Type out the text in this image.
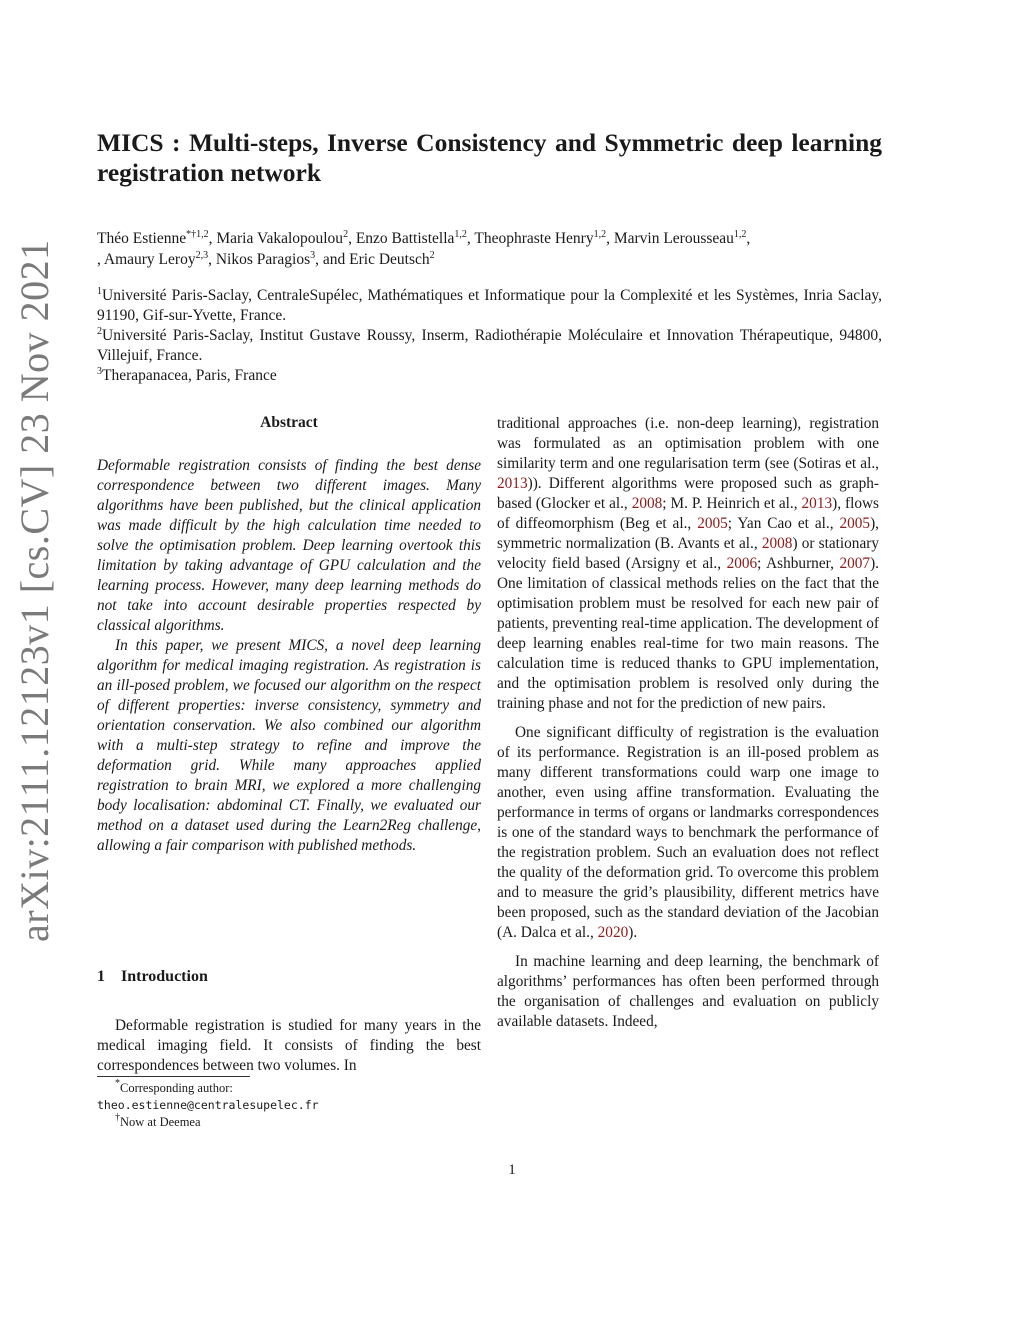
arXiv:2111.12123v1 [cs.CV] 23 Nov 2021
MICS : Multi-steps, Inverse Consistency and Symmetric deep learning registration network
Théo Estienne$^{*\dagger 1,2}$, Maria Vakalopoulou$^2$, Enzo Battistella$^{1,2}$, Theophraste Henry$^{1,2}$, Marvin Lerousseau$^{1,2}$,
, Amaury Leroy$^{2,3}$, Nikos Paragios$^3$, and Eric Deutsch$^2$

$^1$Université Paris-Saclay, CentraleSupélec, Mathématiques et Informatique pour la Complexité et les Systèmes, Inria Saclay, 91190, Gif-sur-Yvette, France.

$^2$Université Paris-Saclay, Institut Gustave Roussy, Inserm, Radiothérapie Moléculaire et Innovation Thérapeutique, 94800, Villejuif, France.

$^3$Therapanacea, Paris, France

Abstract

Deformable registration consists of finding the best dense correspondence between two different images. Many algorithms have been published, but the clinical application was made difficult by the high calculation time needed to solve the optimisation problem. Deep learning overtook this limitation by taking advantage of GPU calculation and the learning process. However, many deep learning methods do not take into account desirable properties respected by classical algorithms.

In this paper, we present MICS, a novel deep learning algorithm for medical imaging registration. As registration is an ill-posed problem, we focused our algorithm on the respect of different properties: inverse consistency, symmetry and orientation conservation. We also combined our algorithm with a multi-step strategy to refine and improve the deformation grid. While many approaches applied registration to brain MRI, we explored a more challenging body localisation: abdominal CT. Finally, we evaluated our method on a dataset used during the Learn2Reg challenge, allowing a fair comparison with published methods.

1 Introduction

Deformable registration is studied for many years in the medical imaging field. It consists of finding the best correspondences between two volumes. In

*Corresponding author:
theo.estienne@centralesupelec.fr
†Now at Deemea

traditional approaches (i.e. non-deep learning), registration was formulated as an optimisation problem with one similarity term and one regularisation term (see (Sotiras et al., 2013)). Different algorithms were proposed such as graph-based (Glocker et al., 2008; M. P. Heinrich et al., 2013), flows of diffeomorphism (Beg et al., 2005; Yan Cao et al., 2005), symmetric normalization (B. Avants et al., 2008) or stationary velocity field based (Arsigny et al., 2006; Ashburner, 2007). One limitation of classical methods relies on the fact that the optimisation problem must be resolved for each new pair of patients, preventing real-time application. The development of deep learning enables real-time for two main reasons. The calculation time is reduced thanks to GPU implementation, and the optimisation problem is resolved only during the training phase and not for the prediction of new pairs.

One significant difficulty of registration is the evaluation of its performance. Registration is an ill-posed problem as many different transformations could warp one image to another, even using affine transformation. Evaluating the performance in terms of organs or landmarks correspondences is one of the standard ways to benchmark the performance of the registration problem. Such an evaluation does not reflect the quality of the deformation grid. To overcome this problem and to measure the grid’s plausibility, different metrics have been proposed, such as the standard deviation of the Jacobian (A. Dalca et al., 2020).

In machine learning and deep learning, the benchmark of algorithms’ performances has often been performed through the organisation of challenges and evaluation on publicly available datasets. Indeed,

1
